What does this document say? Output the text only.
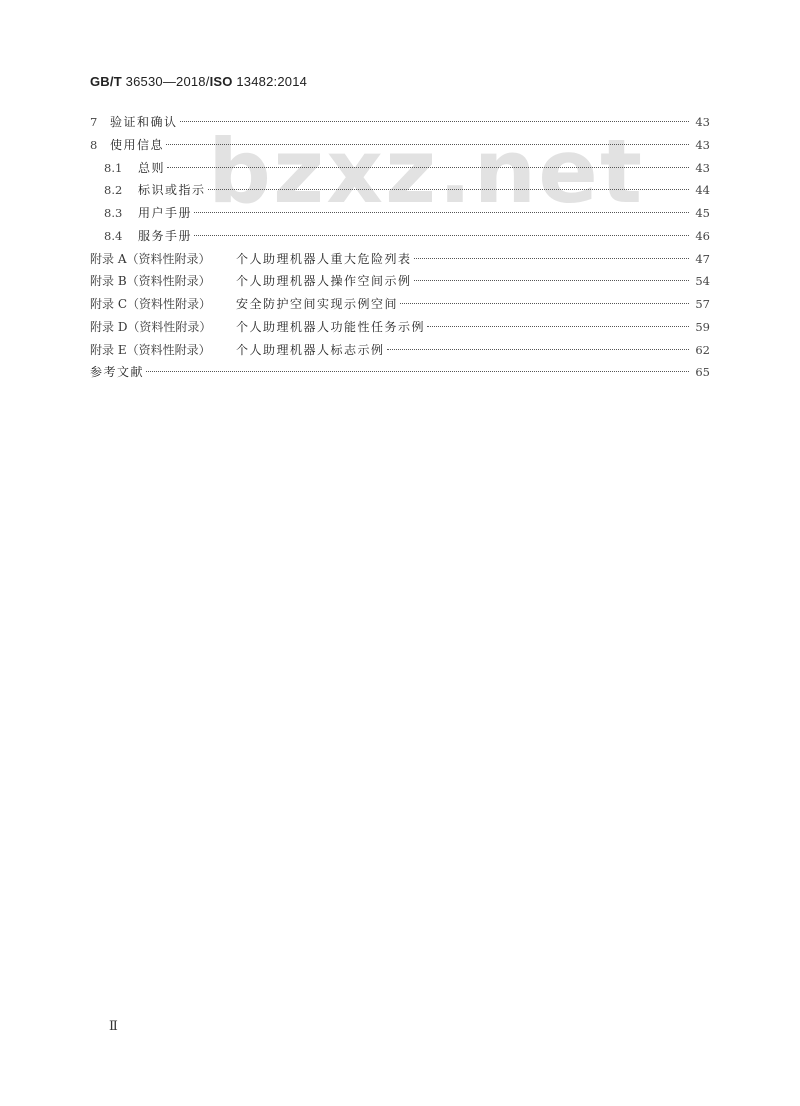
GB/T 36530—2018/ISO 13482:2014
bzxz.net
7	验证和确认	43
8	使用信息	43
8.1	总则	43
8.2	标识或指示	44
8.3	用户手册	45
8.4	服务手册	46
附录 A（资料性附录）	个人助理机器人重大危险列表	47
附录 B（资料性附录）	个人助理机器人操作空间示例	54
附录 C（资料性附录）	安全防护空间实现示例空间	57
附录 D（资料性附录）	个人助理机器人功能性任务示例	59
附录 E（资料性附录）	个人助理机器人标志示例	62
参考文献	65
Ⅱ
